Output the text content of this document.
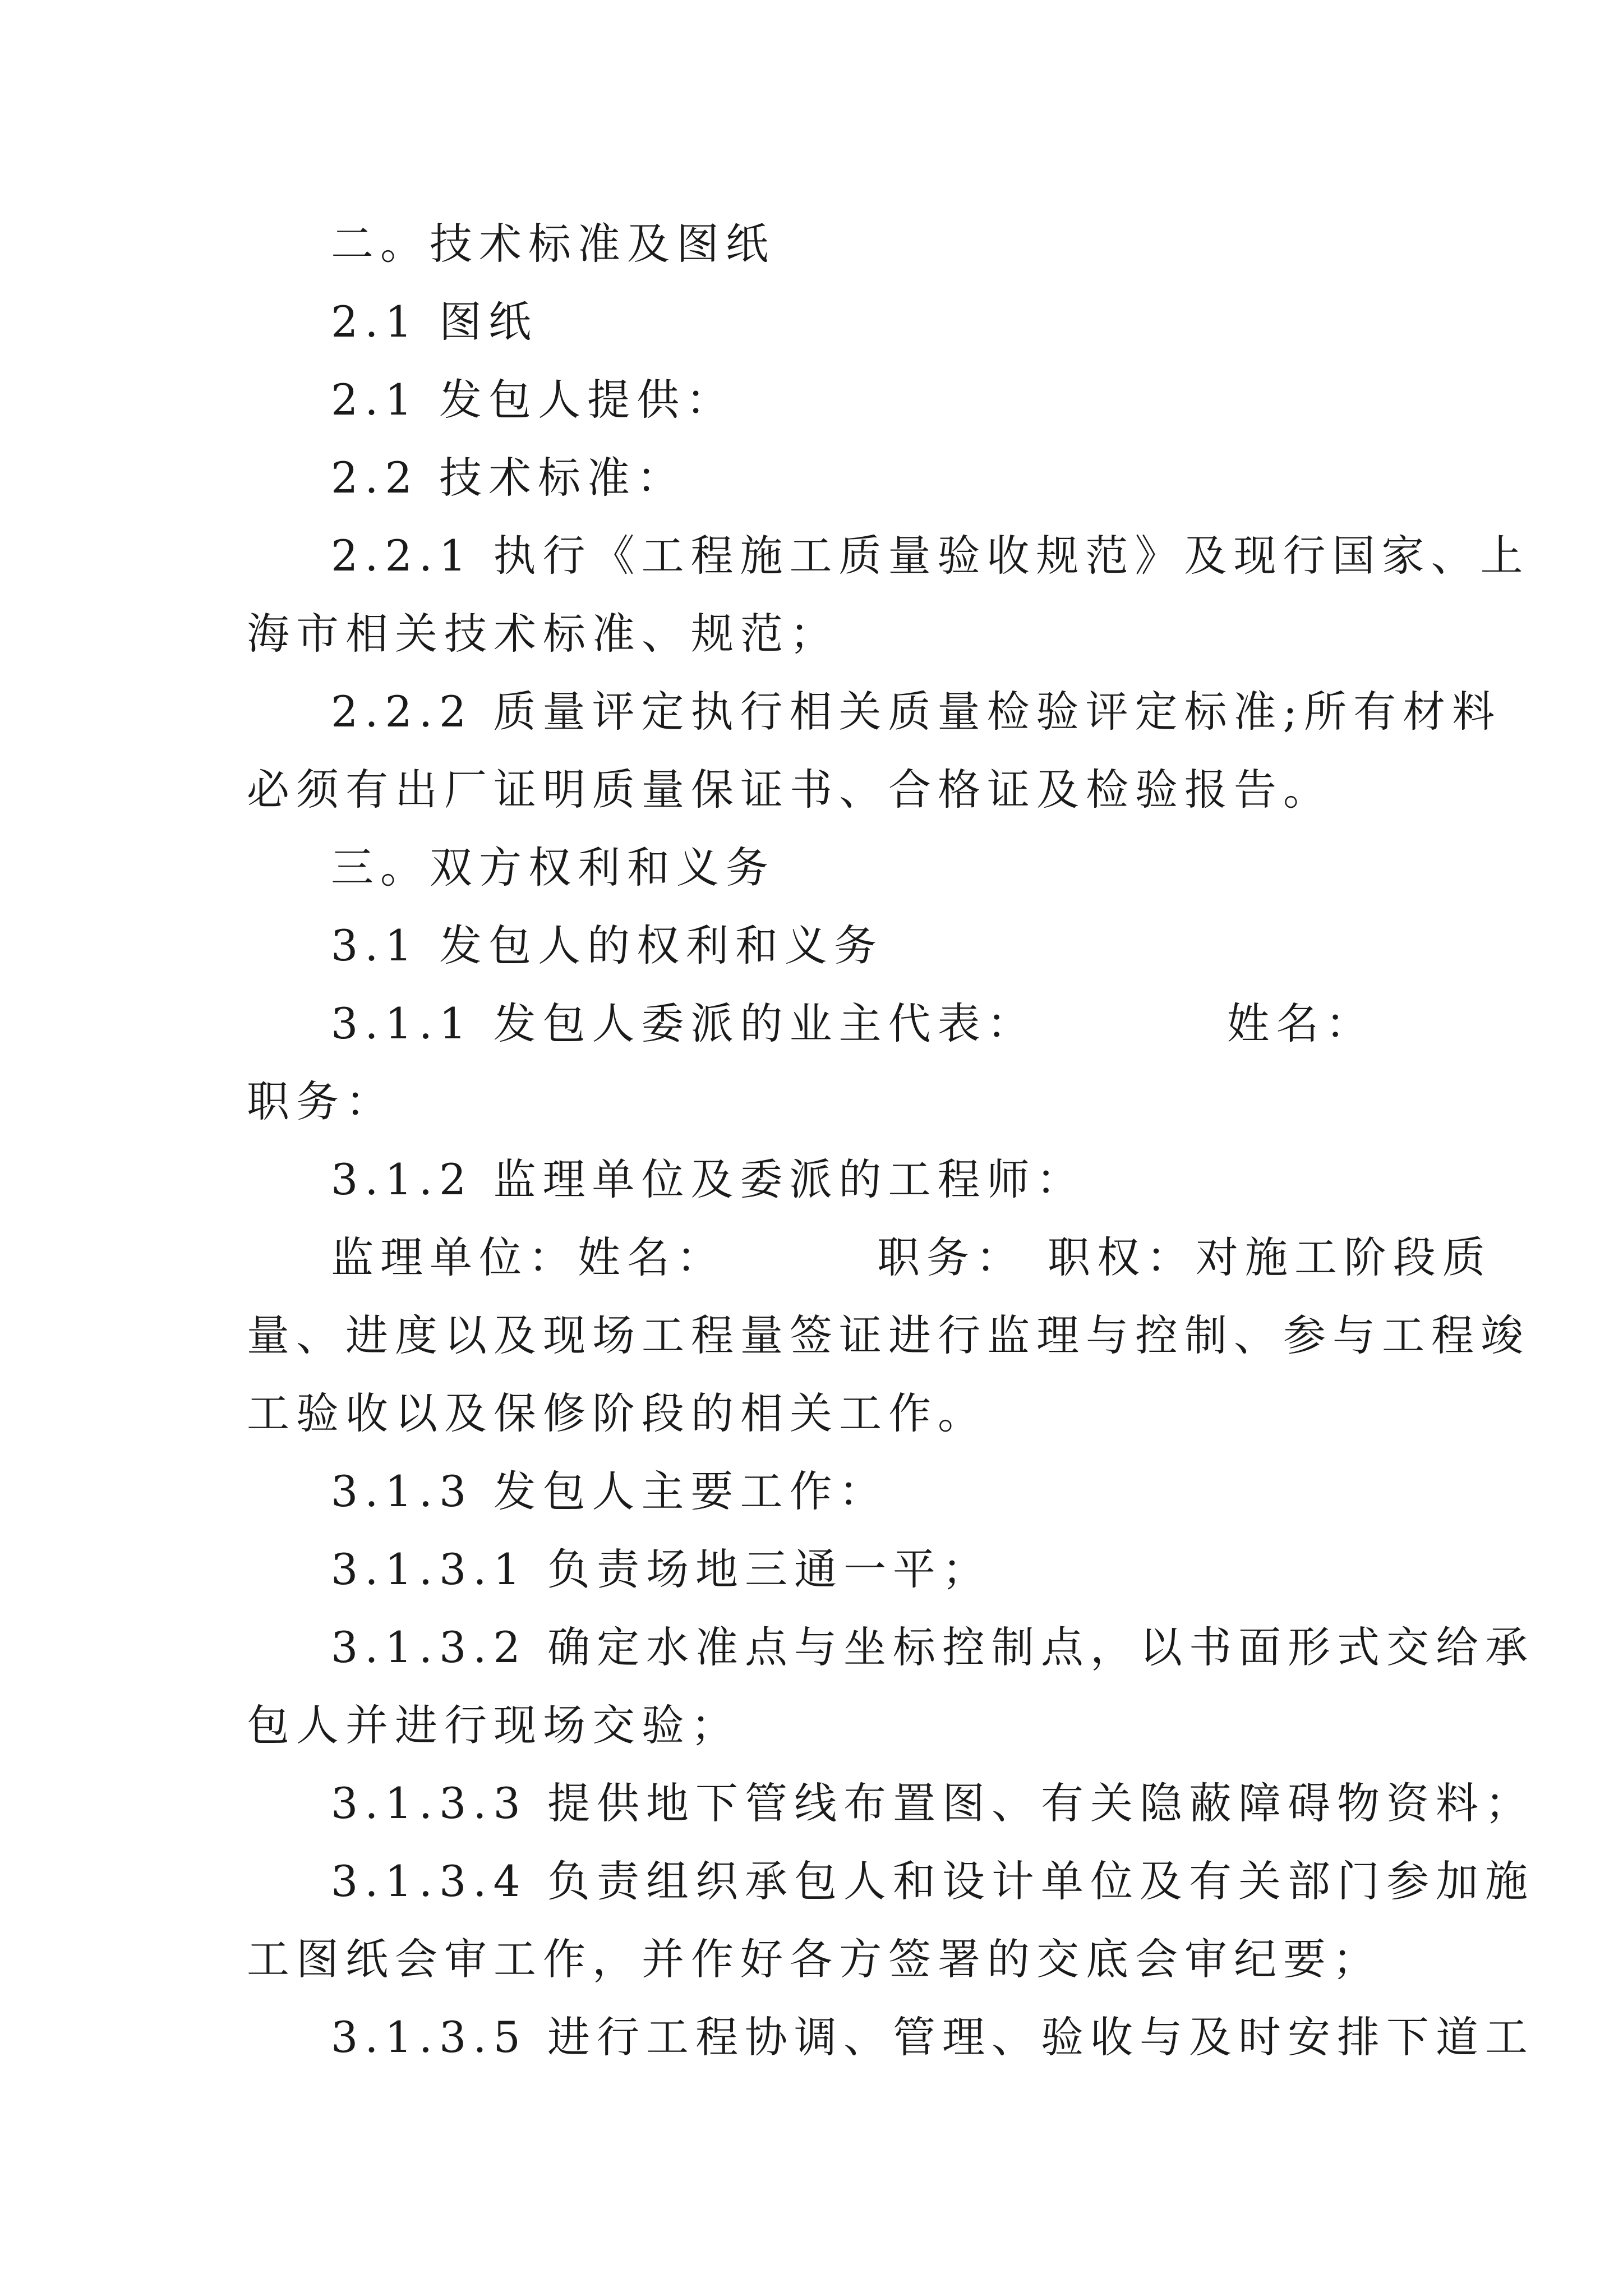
二。技术标准及图纸
2.1 图纸
2.1 发包人提供：
2.2 技术标准：
2.2.1 执行《工程施工质量验收规范》及现行国家、上
海市相关技术标准、规范；
2.2.2 质量评定执行相关质量检验评定标准;所有材料
必须有出厂证明质量保证书、合格证及检验报告。
三。双方权利和义务
3.1 发包人的权利和义务
3.1.1 发包人委派的业主代表：	姓名：
职务：
3.1.2 监理单位及委派的工程师：
监理单位：姓名：	职务： 职权：对施工阶段质
量、进度以及现场工程量签证进行监理与控制、参与工程竣
工验收以及保修阶段的相关工作。
3.1.3 发包人主要工作：
3.1.3.1 负责场地三通一平；
3.1.3.2 确定水准点与坐标控制点，以书面形式交给承
包人并进行现场交验；
3.1.3.3 提供地下管线布置图、有关隐蔽障碍物资料；
3.1.3.4 负责组织承包人和设计单位及有关部门参加施
工图纸会审工作，并作好各方签署的交底会审纪要；
3.1.3.5 进行工程协调、管理、验收与及时安排下道工
